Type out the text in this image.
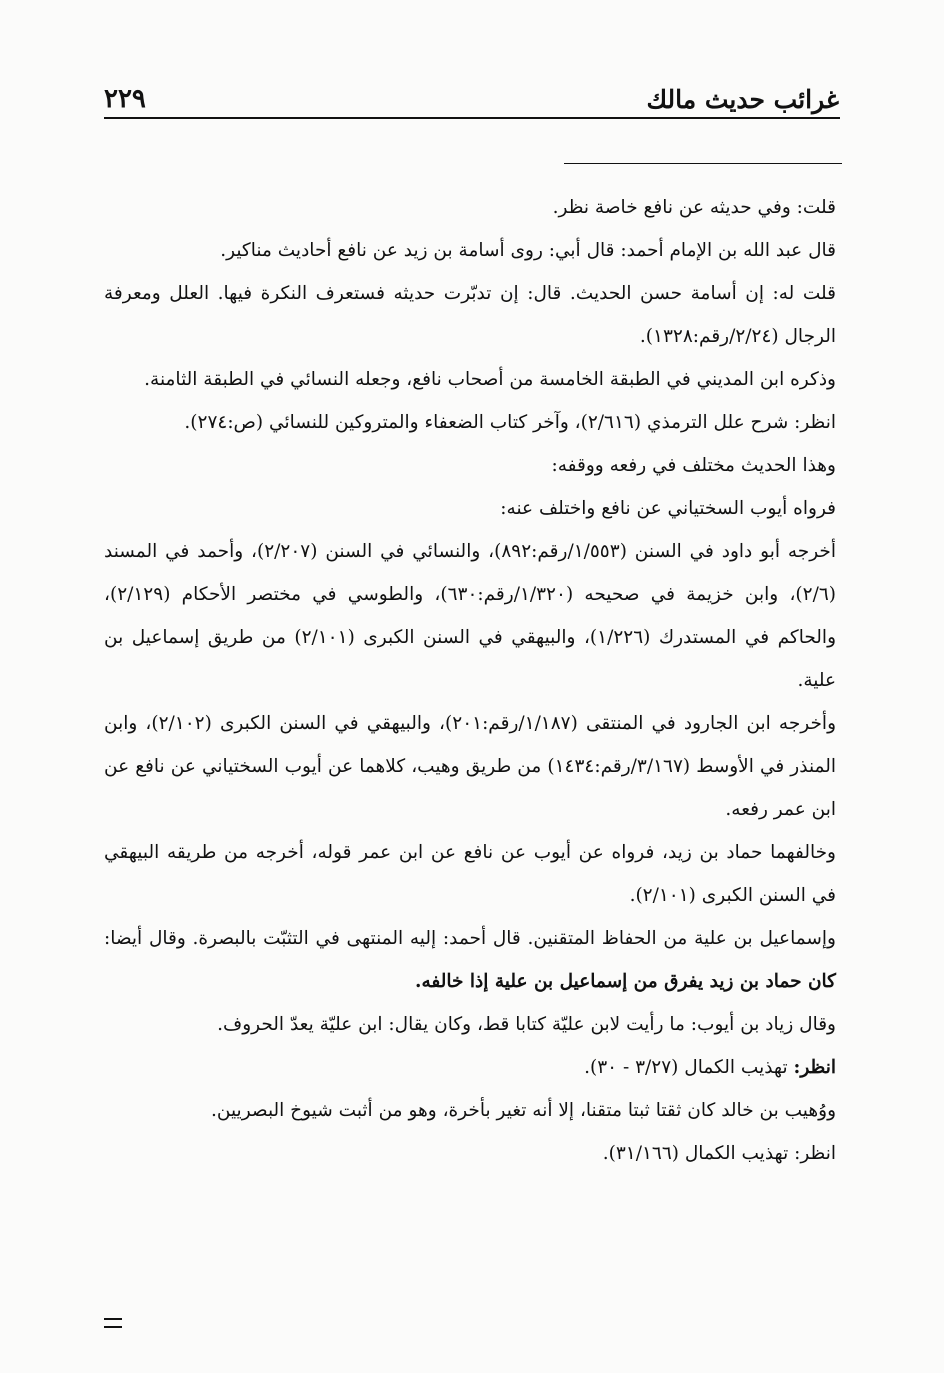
غرائب حديث مالك
٢٢٩

قلت: وفي حديثه عن نافع خاصة نظر.

قال عبد الله بن الإمام أحمد: قال أبي: روى أسامة بن زيد عن نافع أحاديث مناكير.

قلت له: إن أسامة حسن الحديث. قال: إن تدبّرت حديثه فستعرف النكرة فيها. العلل ومعرفة الرجال (٢/٢٤/رقم:١٣٢٨).

وذكره ابن المديني في الطبقة الخامسة من أصحاب نافع، وجعله النسائي في الطبقة الثامنة.

انظر: شرح علل الترمذي (٢/٦١٦)، وآخر كتاب الضعفاء والمتروكين للنسائي (ص:٢٧٤).

وهذا الحديث مختلف في رفعه ووقفه:

فرواه أيوب السختياني عن نافع واختلف عنه:

أخرجه أبو داود في السنن (١/٥٥٣/رقم:٨٩٢)، والنسائي في السنن (٢/٢٠٧)، وأحمد في المسند (٢/٦)، وابن خزيمة في صحيحه (١/٣٢٠/رقم:٦٣٠)، والطوسي في مختصر الأحكام (٢/١٢٩)، والحاكم في المستدرك (١/٢٢٦)، والبيهقي في السنن الكبرى (٢/١٠١) من طريق إسماعيل بن علية.

وأخرجه ابن الجارود في المنتقى (١/١٨٧/رقم:٢٠١)، والبيهقي في السنن الكبرى (٢/١٠٢)، وابن المنذر في الأوسط (٣/١٦٧/رقم:١٤٣٤) من طريق وهيب، كلاهما عن أيوب السختياني عن نافع عن ابن عمر رفعه.

وخالفهما حماد بن زيد، فرواه عن أيوب عن نافع عن ابن عمر قوله، أخرجه من طريقه البيهقي في السنن الكبرى (٢/١٠١).

وإسماعيل بن علية من الحفاظ المتقنين. قال أحمد: إليه المنتهى في التثبّت بالبصرة. وقال أيضا: كان حماد بن زيد يفرق من إسماعيل بن علية إذا خالفه.

وقال زياد بن أيوب: ما رأيت لابن عليّة كتابا قط، وكان يقال: ابن عليّة يعدّ الحروف.

انظر: تهذيب الكمال (٣/٢٧ - ٣٠).

ووُهيب بن خالد كان ثقتا ثبتا متقنا، إلا أنه تغير بأخرة، وهو من أثبت شيوخ البصريين.

انظر: تهذيب الكمال (٣١/١٦٦).
